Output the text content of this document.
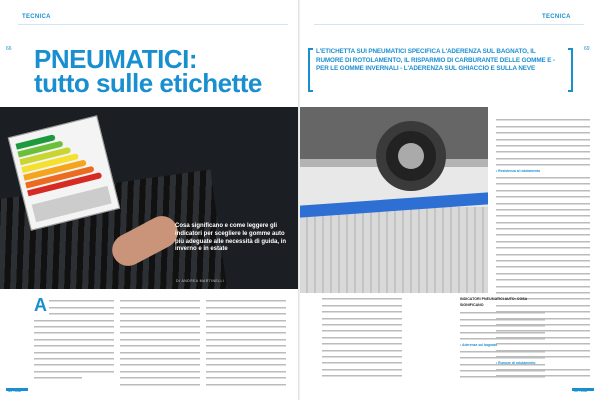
TECNICA
66 PNEUMATICI:
tutto sulle etichette
Cosa significano e come leggere gli indicatori per scegliere le gomme auto più adeguate alle necessità di guida, in inverno e in estate
DI ANDREA MARTINELLI
A
inPrima
TECNICA
69
L'ETICHETTA SUI PNEUMATICI SPECIFICA L'ADERENZA SUL BAGNATO, IL RUMORE DI ROTOLAMENTO, IL RISPARMIO DI CARBURANTE DELLE GOMME E - PER LE GOMME INVERNALI - L'ADERENZA SUL GHIACCIO E SULLA NEVE
• Resistenza al rotolamento
INDICATORI PNEUMATICI AUTO: COSA SIGNIFICANO
• Aderenza sul bagnato
inPrima
